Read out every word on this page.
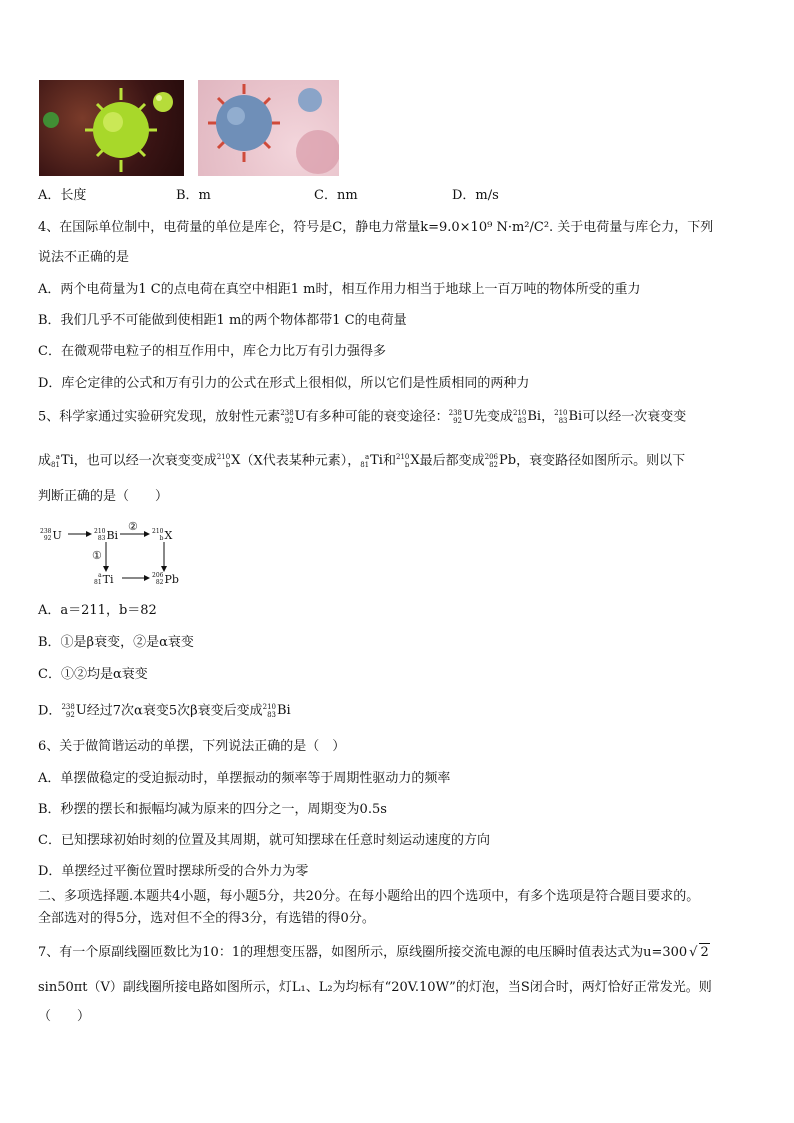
A．长度	B．m	C．nm	D．m/s
4、在国际单位制中，电荷量的单位是库仑，符号是C，静电力常量k=9.0×10⁹ N·m²/C². 关于电荷量与库仑力，下列
说法不正确的是
A．两个电荷量为1 C的点电荷在真空中相距1 m时，相互作用力相当于地球上一百万吨的物体所受的重力
B．我们几乎不可能做到使相距1 m的两个物体都带1 C的电荷量
C．在微观带电粒子的相互作用中，库仑力比万有引力强得多
D．库仑定律的公式和万有引力的公式在形式上很相似，所以它们是性质相同的两种力
5、科学家通过实验研究发现，放射性元素 238
92 U 有多种可能的衰变途径： 238
92 U 先变成 210
83 Bi ， 210
83 Bi 可以经一次衰变变
成 a
81 Ti ，也可以经一次衰变变成 210
b X （X代表某种元素）， a
81 Ti 和 210
b X 最后都变成 206
82 Pb ，衰变路径如图所示。则以下
判断正确的是（　　）
238
92 U	210
83 Bi	210
b X
②
①
a
81 Ti	206
82 Pb
A．a＝211，b＝82
B．①是β衰变，②是α衰变
C．①②均是α衰变
D． 238
92 U 经过7次α衰变5次β衰变后变成 210
83 Bi
6、关于做简谐运动的单摆，下列说法正确的是（　）
A．单摆做稳定的受迫振动时，单摆振动的频率等于周期性驱动力的频率
B．秒摆的摆长和振幅均减为原来的四分之一，周期变为0.5s
C．已知摆球初始时刻的位置及其周期，就可知摆球在任意时刻运动速度的方向
D．单摆经过平衡位置时摆球所受的合外力为零
二、多项选择题.本题共4小题，每小题5分，共20分。在每小题给出的四个选项中，有多个选项是符合题目要求的。
全部选对的得5分，选对但不全的得3分，有选错的得0分。
7、有一个原副线圈匝数比为10：1的理想变压器，如图所示，原线圈所接交流电源的电压瞬时值表达式为u=300 √ 2
sin50πt（V）副线圈所接电路如图所示，灯L₁、L₂为均标有“20V.10W”的灯泡，当S闭合时，两灯恰好正常发光。则
（　　）
